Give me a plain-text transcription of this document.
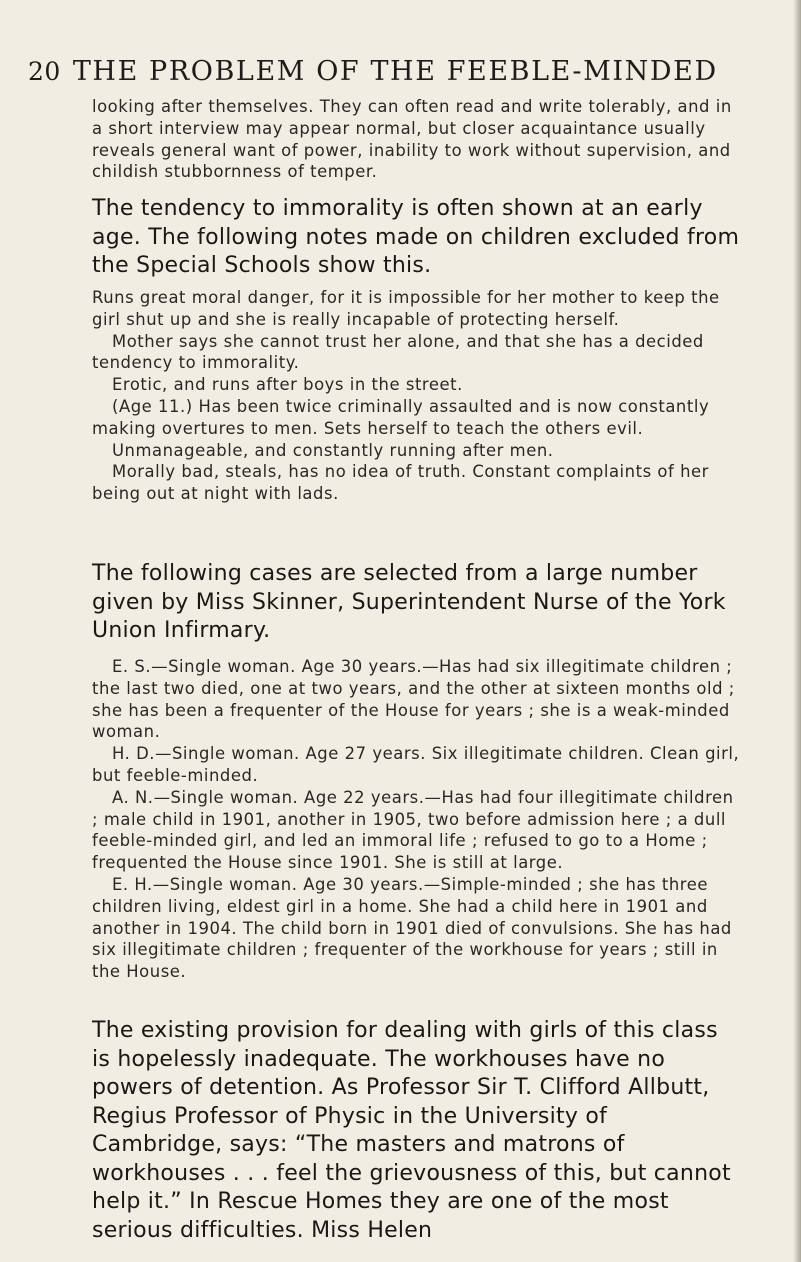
20 THE PROBLEM OF THE FEEBLE-MINDED

looking after themselves. They can often read and write tolerably, and in a short interview may appear normal, but closer acquaintance usually reveals general want of power, inability to work without supervision, and childish stubbornness of temper.

The tendency to immorality is often shown at an early age. The following notes made on children excluded from the Special Schools show this.

Runs great moral danger, for it is impossible for her mother to keep the girl shut up and she is really incapable of protecting herself.

Mother says she cannot trust her alone, and that she has a decided tendency to immorality.

Erotic, and runs after boys in the street.

(Age 11.) Has been twice criminally assaulted and is now constantly making overtures to men. Sets herself to teach the others evil.

Unmanageable, and constantly running after men.

Morally bad, steals, has no idea of truth. Constant complaints of her being out at night with lads.

The following cases are selected from a large number given by Miss Skinner, Superintendent Nurse of the York Union Infirmary.

E. S.—Single woman. Age 30 years.—Has had six illegitimate children ; the last two died, one at two years, and the other at sixteen months old ; she has been a frequenter of the House for years ; she is a weak-minded woman.

H. D.—Single woman. Age 27 years. Six illegitimate children. Clean girl, but feeble-minded.

A. N.—Single woman. Age 22 years.—Has had four illegitimate children ; male child in 1901, another in 1905, two before admission here ; a dull feeble-minded girl, and led an immoral life ; refused to go to a Home ; frequented the House since 1901. She is still at large.

E. H.—Single woman. Age 30 years.—Simple-minded ; she has three children living, eldest girl in a home. She had a child here in 1901 and another in 1904. The child born in 1901 died of convulsions. She has had six illegitimate children ; frequenter of the workhouse for years ; still in the House.

The existing provision for dealing with girls of this class is hopelessly inadequate. The workhouses have no powers of detention. As Professor Sir T. Clifford Allbutt, Regius Professor of Physic in the University of Cambridge, says: “The masters and matrons of workhouses . . . feel the grievousness of this, but cannot help it.” In Rescue Homes they are one of the most serious difficulties. Miss Helen
